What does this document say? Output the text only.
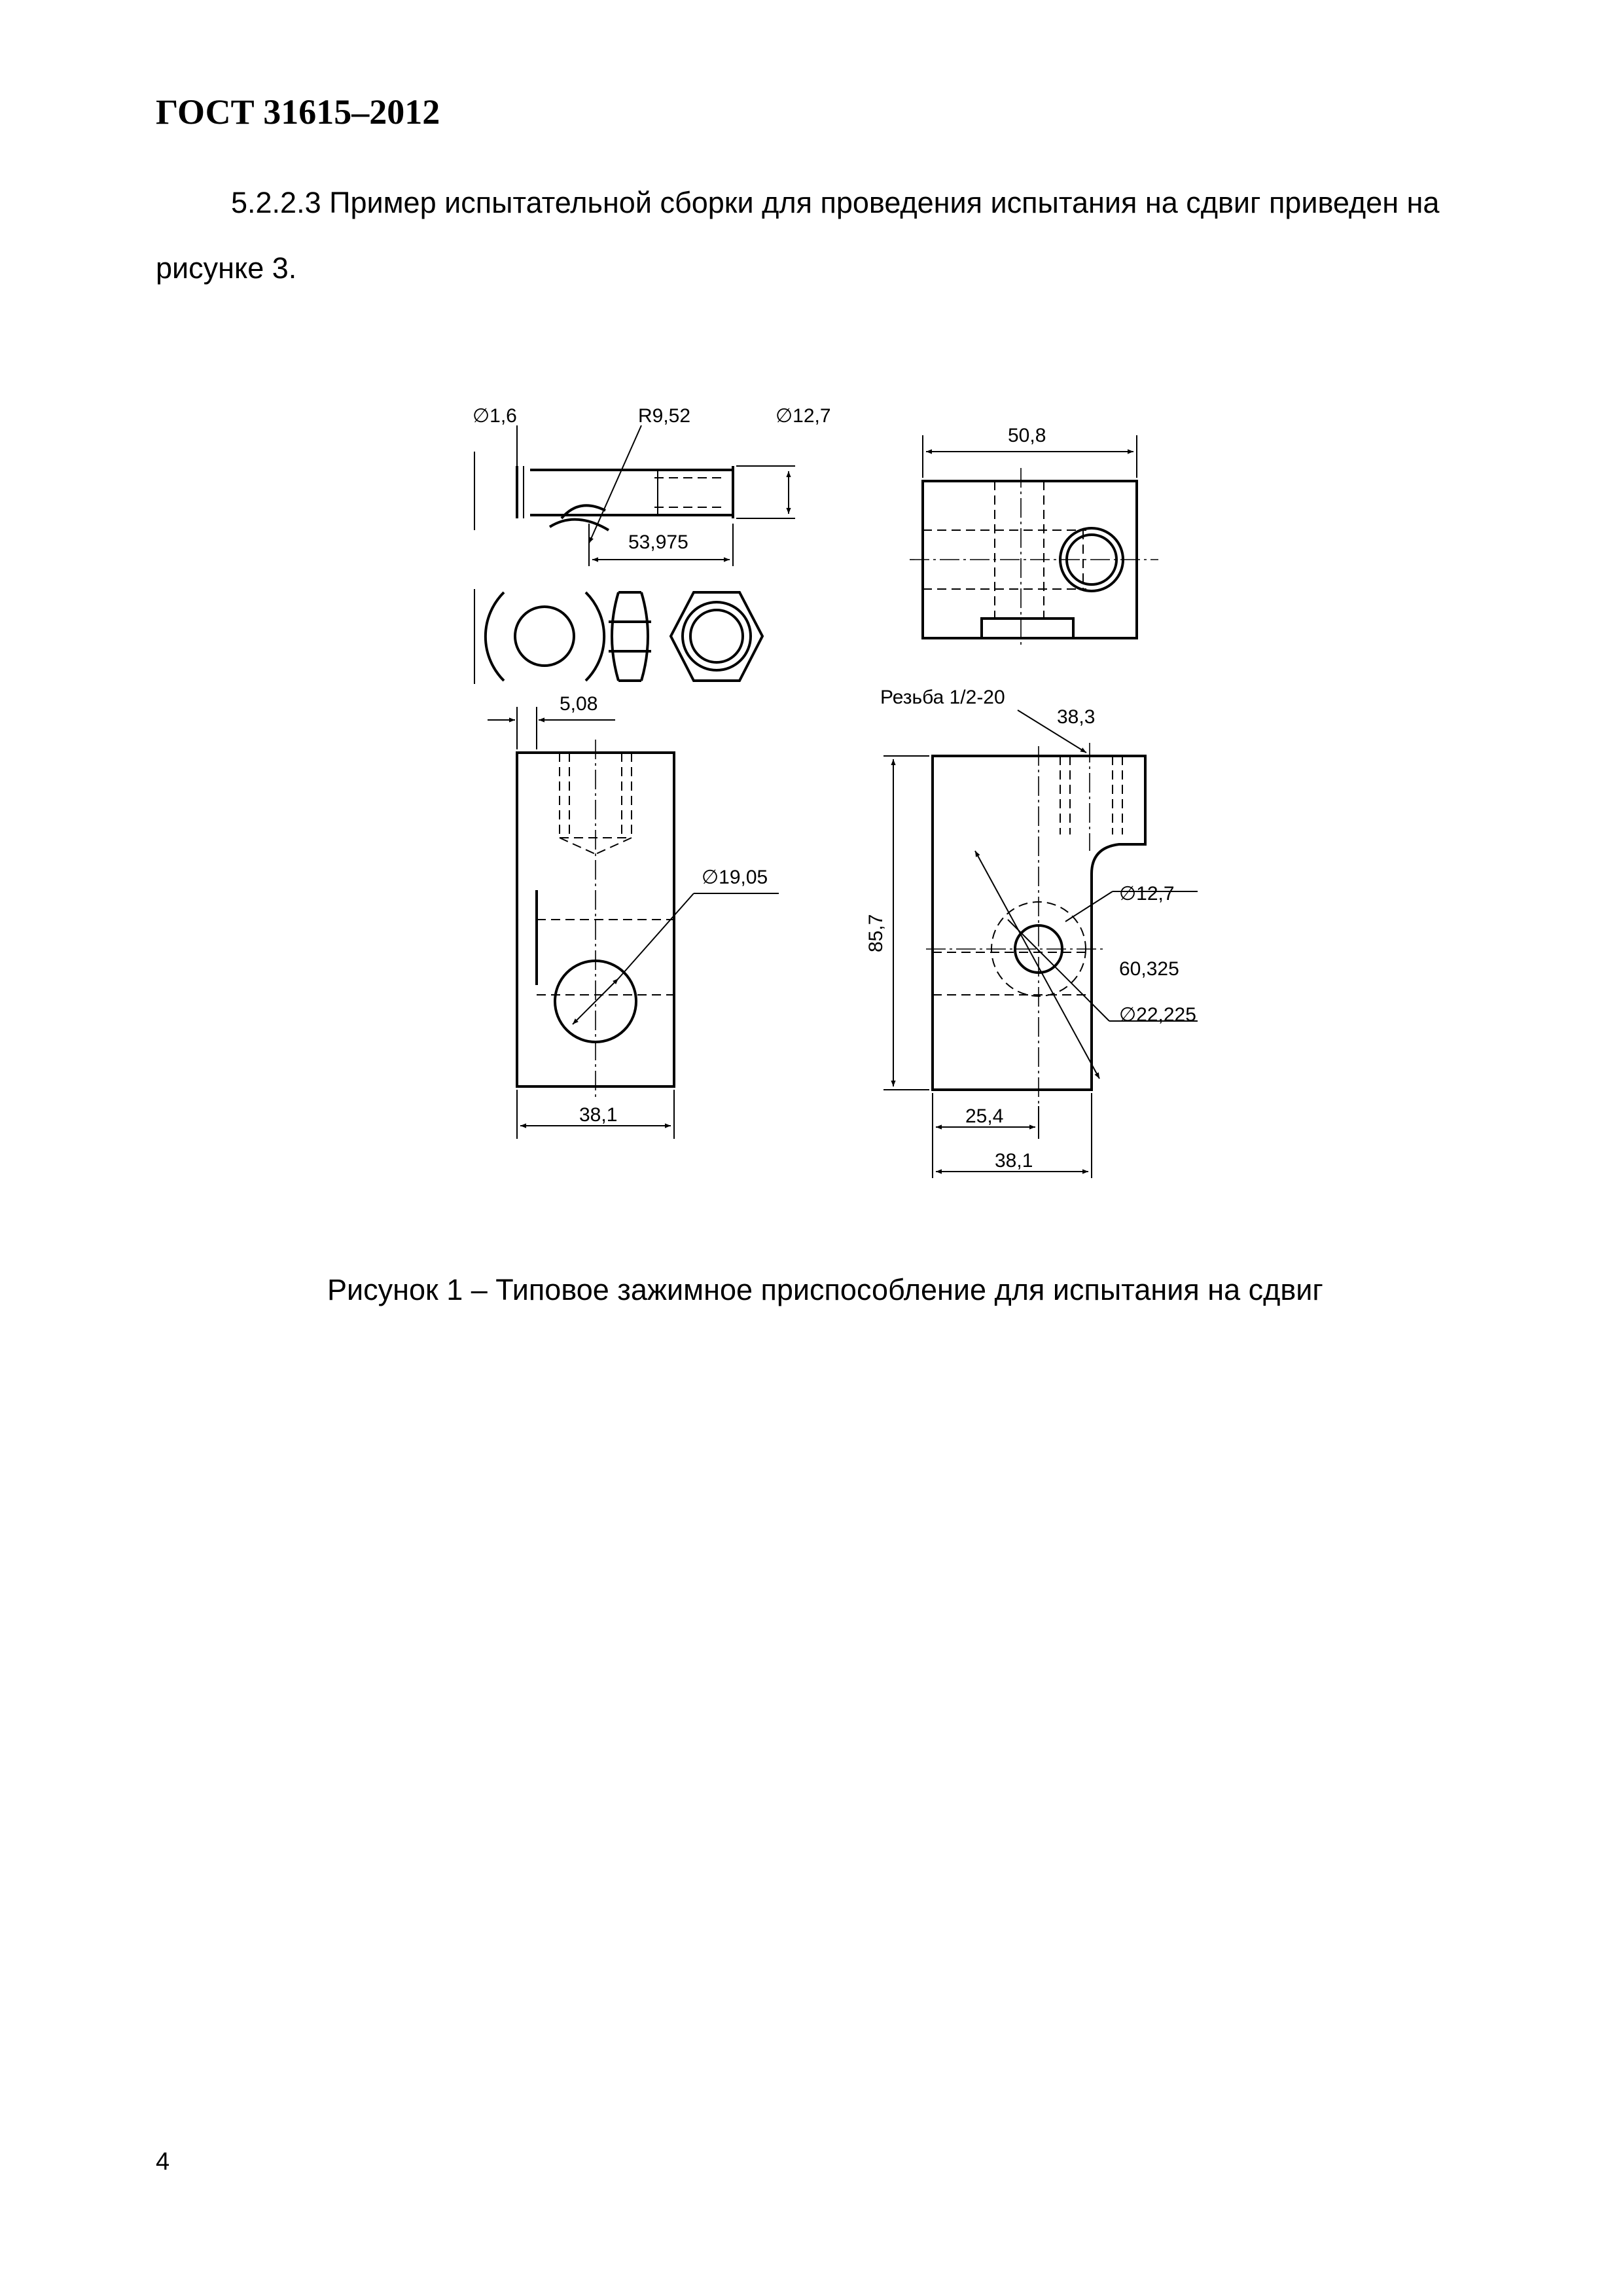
ГОСТ 31615–2012

5.2.2.3 Пример испытательной сборки для проведения испытания на сдвиг приведен на рисунке 3.

∅1,6	R9,52	∅12,7
53,975
50,8
5,08
∅19,05
38,1
Резьба 1/2-20
38,3
85,7
∅12,7
60,325
∅22,225
25,4
38,1
Рисунок 1 – Типовое зажимное приспособление для испытания на сдвиг
4
